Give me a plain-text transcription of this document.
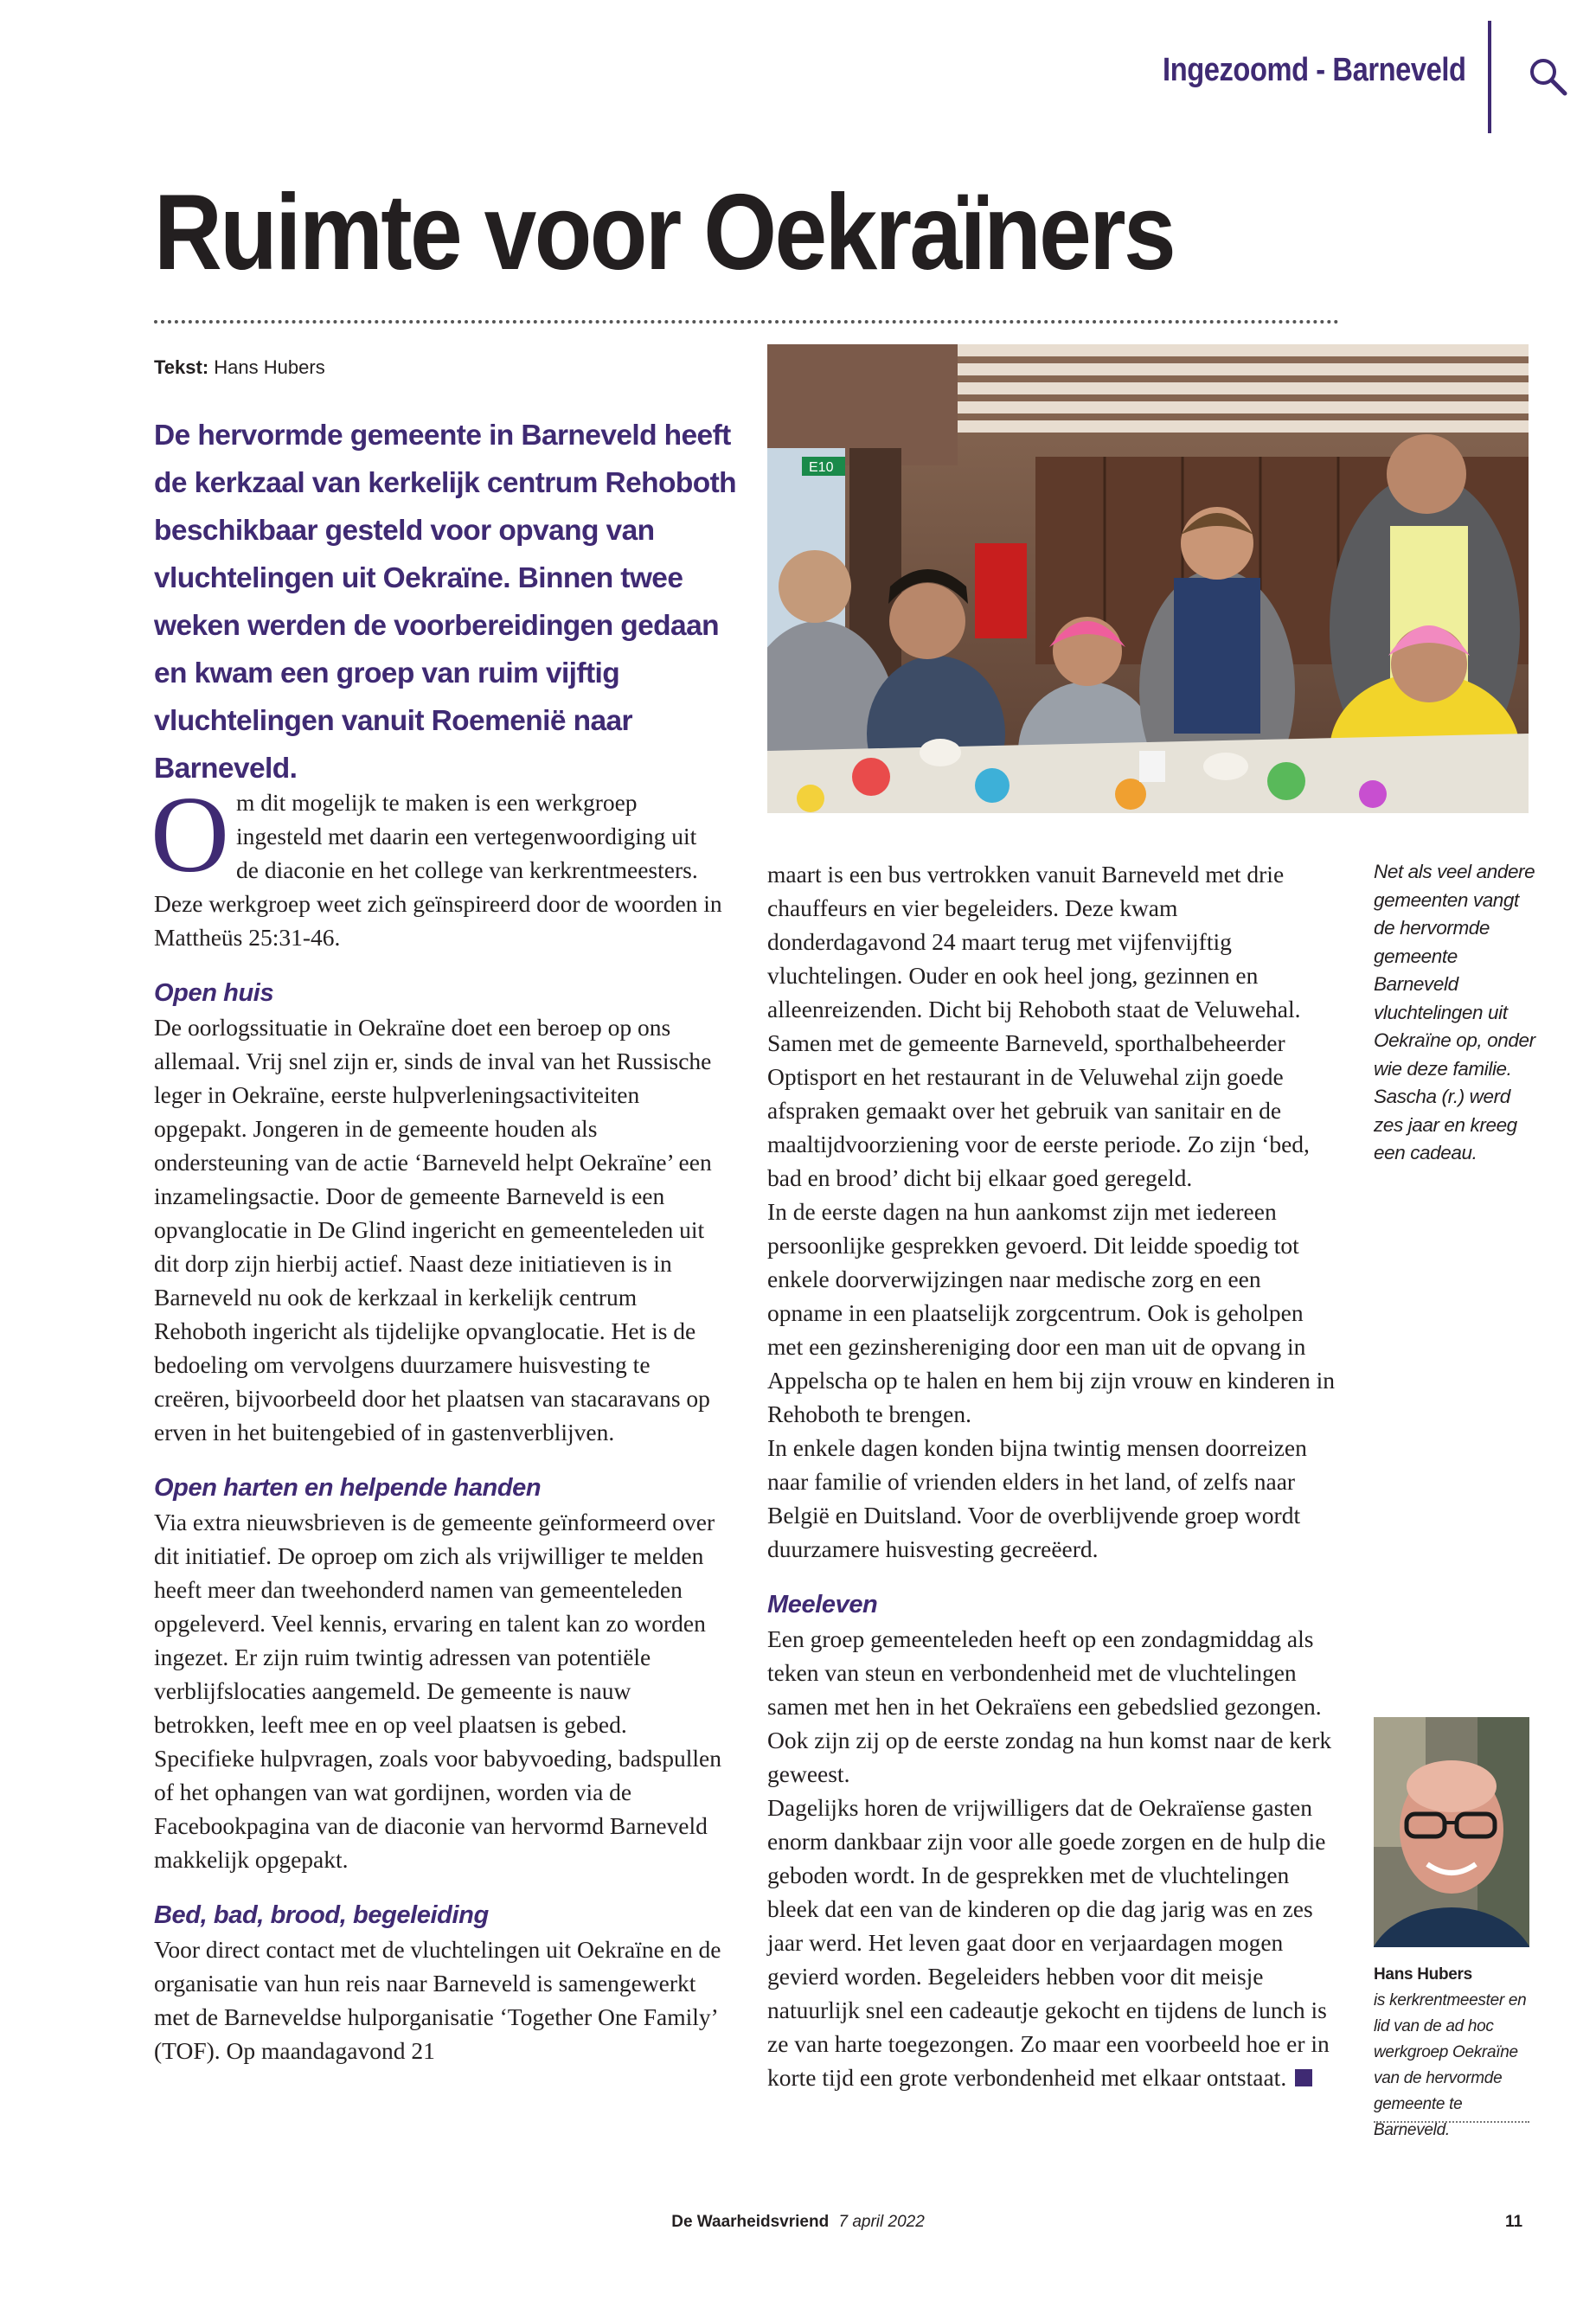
Ingezoomd - Barneveld
Ruimte voor Oekraïners
Tekst: Hans Hubers
De hervormde gemeente in Barneveld heeft de kerkzaal van kerkelijk centrum Rehoboth beschikbaar gesteld voor opvang van vluchtelingen uit Oekraïne. Binnen twee weken werden de voorbereidingen gedaan en kwam een groep van ruim vijftig vluchtelingen vanuit Roemenië naar Barneveld.

Om dit mogelijk te maken is een werkgroep ingesteld met daarin een vertegenwoordiging uit de diaconie en het college van kerkrentmeesters. Deze werkgroep weet zich geïnspireerd door de woorden in Mattheüs 25:31-46.

Open huis

De oorlogssituatie in Oekraïne doet een beroep op ons allemaal. Vrij snel zijn er, sinds de inval van het Russische leger in Oekraïne, eerste hulpverleningsactiviteiten opgepakt. Jongeren in de gemeente houden als ondersteuning van de actie ‘Barneveld helpt Oekraïne’ een inzamelingsactie. Door de gemeente Barneveld is een opvanglocatie in De Glind ingericht en gemeenteleden uit dit dorp zijn hierbij actief. Naast deze initiatieven is in Barneveld nu ook de kerkzaal in kerkelijk centrum Rehoboth ingericht als tijdelijke opvanglocatie. Het is de bedoeling om vervolgens duurzamere huisvesting te creëren, bijvoorbeeld door het plaatsen van stacaravans op erven in het buitengebied of in gastenverblijven.

Open harten en helpende handen

Via extra nieuwsbrieven is de gemeente geïnformeerd over dit initiatief. De oproep om zich als vrijwilliger te melden heeft meer dan tweehonderd namen van gemeenteleden opgeleverd. Veel kennis, ervaring en talent kan zo worden ingezet. Er zijn ruim twintig adressen van potentiële verblijfslocaties aangemeld. De gemeente is nauw betrokken, leeft mee en op veel plaatsen is gebed. Specifieke hulpvragen, zoals voor babyvoeding, badspullen of het ophangen van wat gordijnen, worden via de Facebookpagina van de diaconie van hervormd Barneveld makkelijk opgepakt.

Bed, bad, brood, begeleiding

Voor direct contact met de vluchtelingen uit Oekraïne en de organisatie van hun reis naar Barneveld is samengewerkt met de Barneveldse hulporganisatie ‘Together One Family’ (TOF). Op maandagavond 21

E10

maart is een bus vertrokken vanuit Barneveld met drie chauffeurs en vier begeleiders. Deze kwam donderdagavond 24 maart terug met vijfenvijftig vluchtelingen. Ouder en ook heel jong, gezinnen en alleenreizenden. Dicht bij Rehoboth staat de Veluwehal. Samen met de gemeente Barneveld, sporthalbeheerder Optisport en het restaurant in de Veluwehal zijn goede afspraken gemaakt over het gebruik van sanitair en de maaltijdvoorziening voor de eerste periode. Zo zijn ‘bed, bad en brood’ dicht bij elkaar goed geregeld.

In de eerste dagen na hun aankomst zijn met iedereen persoonlijke gesprekken gevoerd. Dit leidde spoedig tot enkele doorverwijzingen naar medische zorg en een opname in een plaatselijk zorgcentrum. Ook is geholpen met een gezinshereniging door een man uit de opvang in Appelscha op te halen en hem bij zijn vrouw en kinderen in Rehoboth te brengen.

In enkele dagen konden bijna twintig mensen doorreizen naar familie of vrienden elders in het land, of zelfs naar België en Duitsland. Voor de overblijvende groep wordt duurzamere huisvesting gecreëerd.

Meeleven

Een groep gemeenteleden heeft op een zondagmiddag als teken van steun en verbondenheid met de vluchtelingen samen met hen in het Oekraïens een gebedslied gezongen. Ook zijn zij op de eerste zondag na hun komst naar de kerk geweest.

Dagelijks horen de vrijwilligers dat de Oekraïense gasten enorm dankbaar zijn voor alle goede zorgen en de hulp die geboden wordt. In de gesprekken met de vluchtelingen bleek dat een van de kinderen op die dag jarig was en zes jaar werd. Het leven gaat door en verjaardagen mogen gevierd worden. Begeleiders hebben voor dit meisje natuurlijk snel een cadeautje gekocht en tijdens de lunch is ze van harte toegezongen. Zo maar een voorbeeld hoe er in korte tijd een grote verbondenheid met elkaar ontstaat.

Net als veel andere gemeenten vangt de hervormde gemeente Barneveld vluchtelingen uit Oekraïne op, onder wie deze familie. Sascha (r.) werd zes jaar en kreeg een cadeau.
Hans Hubers
is kerkrentmeester en lid van de ad hoc werkgroep Oekraïne van de hervormde gemeente te Barneveld.
De Waarheidsvriend 7 april 2022	11
